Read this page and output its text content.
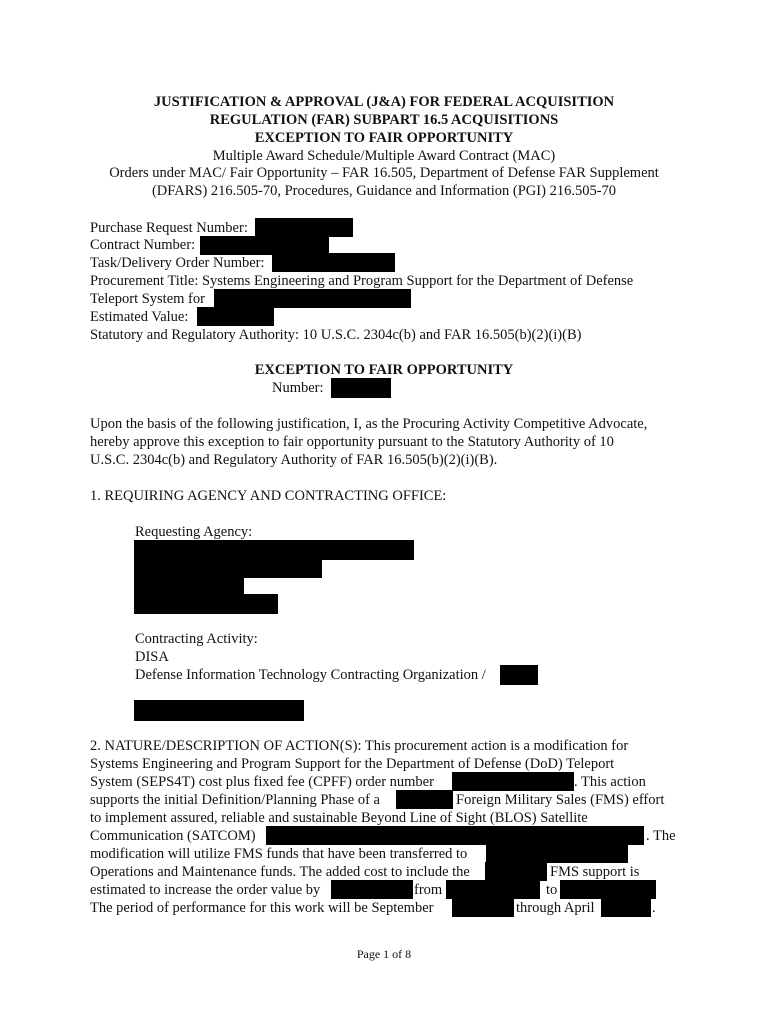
JUSTIFICATION & APPROVAL (J&A) FOR FEDERAL ACQUISITION
REGULATION (FAR) SUBPART 16.5 ACQUISITIONS
EXCEPTION TO FAIR OPPORTUNITY
Multiple Award Schedule/Multiple Award Contract (MAC)
Orders under MAC/ Fair Opportunity – FAR 16.505, Department of Defense FAR Supplement
(DFARS) 216.505-70, Procedures, Guidance and Information (PGI) 216.505-70
Purchase Request Number:
Contract Number:
Task/Delivery Order Number:
Procurement Title: Systems Engineering and Program Support for the Department of Defense
Teleport System for
Estimated Value:
Statutory and Regulatory Authority: 10 U.S.C. 2304c(b) and FAR 16.505(b)(2)(i)(B)
EXCEPTION TO FAIR OPPORTUNITY
Number:
Upon the basis of the following justification, I, as the Procuring Activity Competitive Advocate,
hereby approve this exception to fair opportunity pursuant to the Statutory Authority of 10
U.S.C. 2304c(b) and Regulatory Authority of FAR 16.505(b)(2)(i)(B).
1. REQUIRING AGENCY AND CONTRACTING OFFICE:
Requesting Agency:
Contracting Activity:
DISA
Defense Information Technology Contracting Organization /
2. NATURE/DESCRIPTION OF ACTION(S): This procurement action is a modification for
Systems Engineering and Program Support for the Department of Defense (DoD) Teleport
System (SEPS4T) cost plus fixed fee (CPFF) order number	. This action
supports the initial Definition/Planning Phase of a	Foreign Military Sales (FMS) effort
to implement assured, reliable and sustainable Beyond Line of Sight (BLOS) Satellite
Communication (SATCOM)	. The
modification will utilize FMS funds that have been transferred to
Operations and Maintenance funds. The added cost to include the	FMS support is
estimated to increase the order value by	from	to
The period of performance for this work will be September	through April	.
Page 1 of 8
